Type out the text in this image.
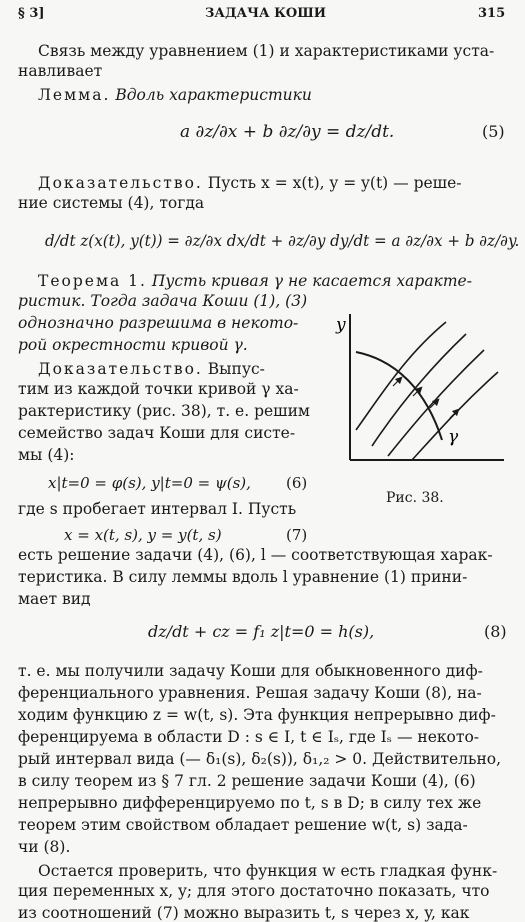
§ 3]	ЗАДАЧА КОШИ	315
Связь между уравнением (1) и характеристиками уста-
навливает
Лемма. Вдоль характеристики
a ∂z/∂x + b ∂z/∂y = dz/dt.	(5)
Доказательство. Пусть x = x(t), y = y(t) — реше-
ние системы (4), тогда
d/dt z(x(t), y(t)) = ∂z/∂x dx/dt + ∂z/∂y dy/dt = a ∂z/∂x + b ∂z/∂y.
Теорема 1. Пусть кривая γ не касается характе-
ристик. Тогда задача Коши (1), (3)
однозначно разрешима в некото-
рой окрестности кривой γ.
Доказательство. Выпус-
тим из каждой точки кривой γ ха-
рактеристику (рис. 38), т. е. решим
семейство задач Коши для систе-
мы (4):
x|t=0 = φ(s), y|t=0 = ψ(s), (6)
где s пробегает интервал I. Пусть
x = x(t, s), y = y(t, s)	(7)
y
γ
Рис. 38.
есть решение задачи (4), (6), l — соответствующая харак-
теристика. В силу леммы вдоль l уравнение (1) прини-
мает вид
dz/dt + cz = f₁ z|t=0 = h(s),	(8)
т. е. мы получили задачу Коши для обыкновенного диф-
ференциального уравнения. Решая задачу Коши (8), на-
ходим функцию z = w(t, s). Эта функция непрерывно диф-
ференцируема в области D : s ∈ I, t ∈ Iₛ, где Iₛ — некото-
рый интервал вида (— δ₁(s), δ₂(s)), δ₁,₂ > 0. Действительно,
в силу теорем из § 7 гл. 2 решение задачи Коши (4), (6)
непрерывно дифференцируемо по t, s в D; в силу тех же
теорем этим свойством обладает решение w(t, s) зада-
чи (8).
Остается проверить, что функция w есть гладкая функ-
ция переменных x, y; для этого достаточно показать, что
из соотношений (7) можно выразить t, s через x, y, как
